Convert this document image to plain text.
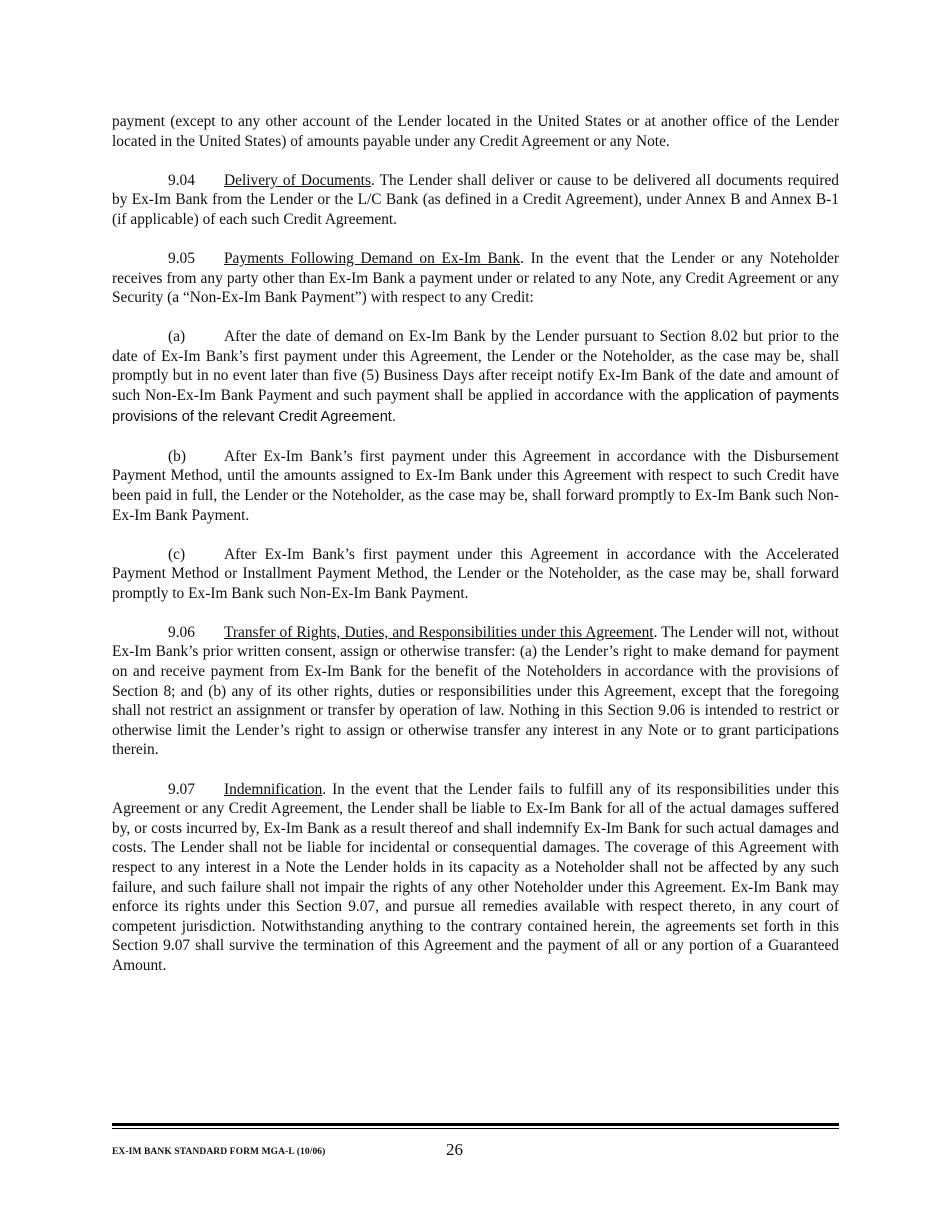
payment (except to any other account of the Lender located in the United States or at another office of the Lender located in the United States) of amounts payable under any Credit Agreement or any Note.

9.04 Delivery of Documents. The Lender shall deliver or cause to be delivered all documents required by Ex-Im Bank from the Lender or the L/C Bank (as defined in a Credit Agreement), under Annex B and Annex B-1 (if applicable) of each such Credit Agreement.

9.05 Payments Following Demand on Ex-Im Bank. In the event that the Lender or any Noteholder receives from any party other than Ex-Im Bank a payment under or related to any Note, any Credit Agreement or any Security (a “Non-Ex-Im Bank Payment”) with respect to any Credit:

(a)	After the date of demand on Ex-Im Bank by the Lender pursuant to Section 8.02 but prior to the date of Ex-Im Bank’s first payment under this Agreement, the Lender or the Noteholder, as the case may be, shall promptly but in no event later than five (5) Business Days after receipt notify Ex-Im Bank of the date and amount of such Non-Ex-Im Bank Payment and such payment shall be applied in accordance with the application of payments provisions of the relevant Credit Agreement.

(b) After Ex-Im Bank’s first payment under this Agreement in accordance with the Disbursement Payment Method, until the amounts assigned to Ex-Im Bank under this Agreement with respect to such Credit have been paid in full, the Lender or the Noteholder, as the case may be, shall forward promptly to Ex-Im Bank such Non-Ex-Im Bank Payment.

(c)	After Ex-Im Bank’s first payment under this Agreement in accordance with the Accelerated Payment Method or Installment Payment Method, the Lender or the Noteholder, as the case may be, shall forward promptly to Ex-Im Bank such Non-Ex-Im Bank Payment.

9.06 Transfer of Rights, Duties, and Responsibilities under this Agreement. The Lender will not, without Ex-Im Bank’s prior written consent, assign or otherwise transfer: (a) the Lender’s right to make demand for payment on and receive payment from Ex-Im Bank for the benefit of the Noteholders in accordance with the provisions of Section 8; and (b) any of its other rights, duties or responsibilities under this Agreement, except that the foregoing shall not restrict an assignment or transfer by operation of law. Nothing in this Section 9.06 is intended to restrict or otherwise limit the Lender’s right to assign or otherwise transfer any interest in any Note or to grant participations therein.

9.07 Indemnification. In the event that the Lender fails to fulfill any of its responsibilities under this Agreement or any Credit Agreement, the Lender shall be liable to Ex-Im Bank for all of the actual damages suffered by, or costs incurred by, Ex-Im Bank as a result thereof and shall indemnify Ex-Im Bank for such actual damages and costs. The Lender shall not be liable for incidental or consequential damages. The coverage of this Agreement with respect to any interest in a Note the Lender holds in its capacity as a Noteholder shall not be affected by any such failure, and such failure shall not impair the rights of any other Noteholder under this Agreement. Ex-Im Bank may enforce its rights under this Section 9.07, and pursue all remedies available with respect thereto, in any court of competent jurisdiction. Notwithstanding anything to the contrary contained herein, the agreements set forth in this Section 9.07 shall survive the termination of this Agreement and the payment of all or any portion of a Guaranteed Amount.

EX-IM BANK STANDARD FORM MGA-L (10/06)	26
